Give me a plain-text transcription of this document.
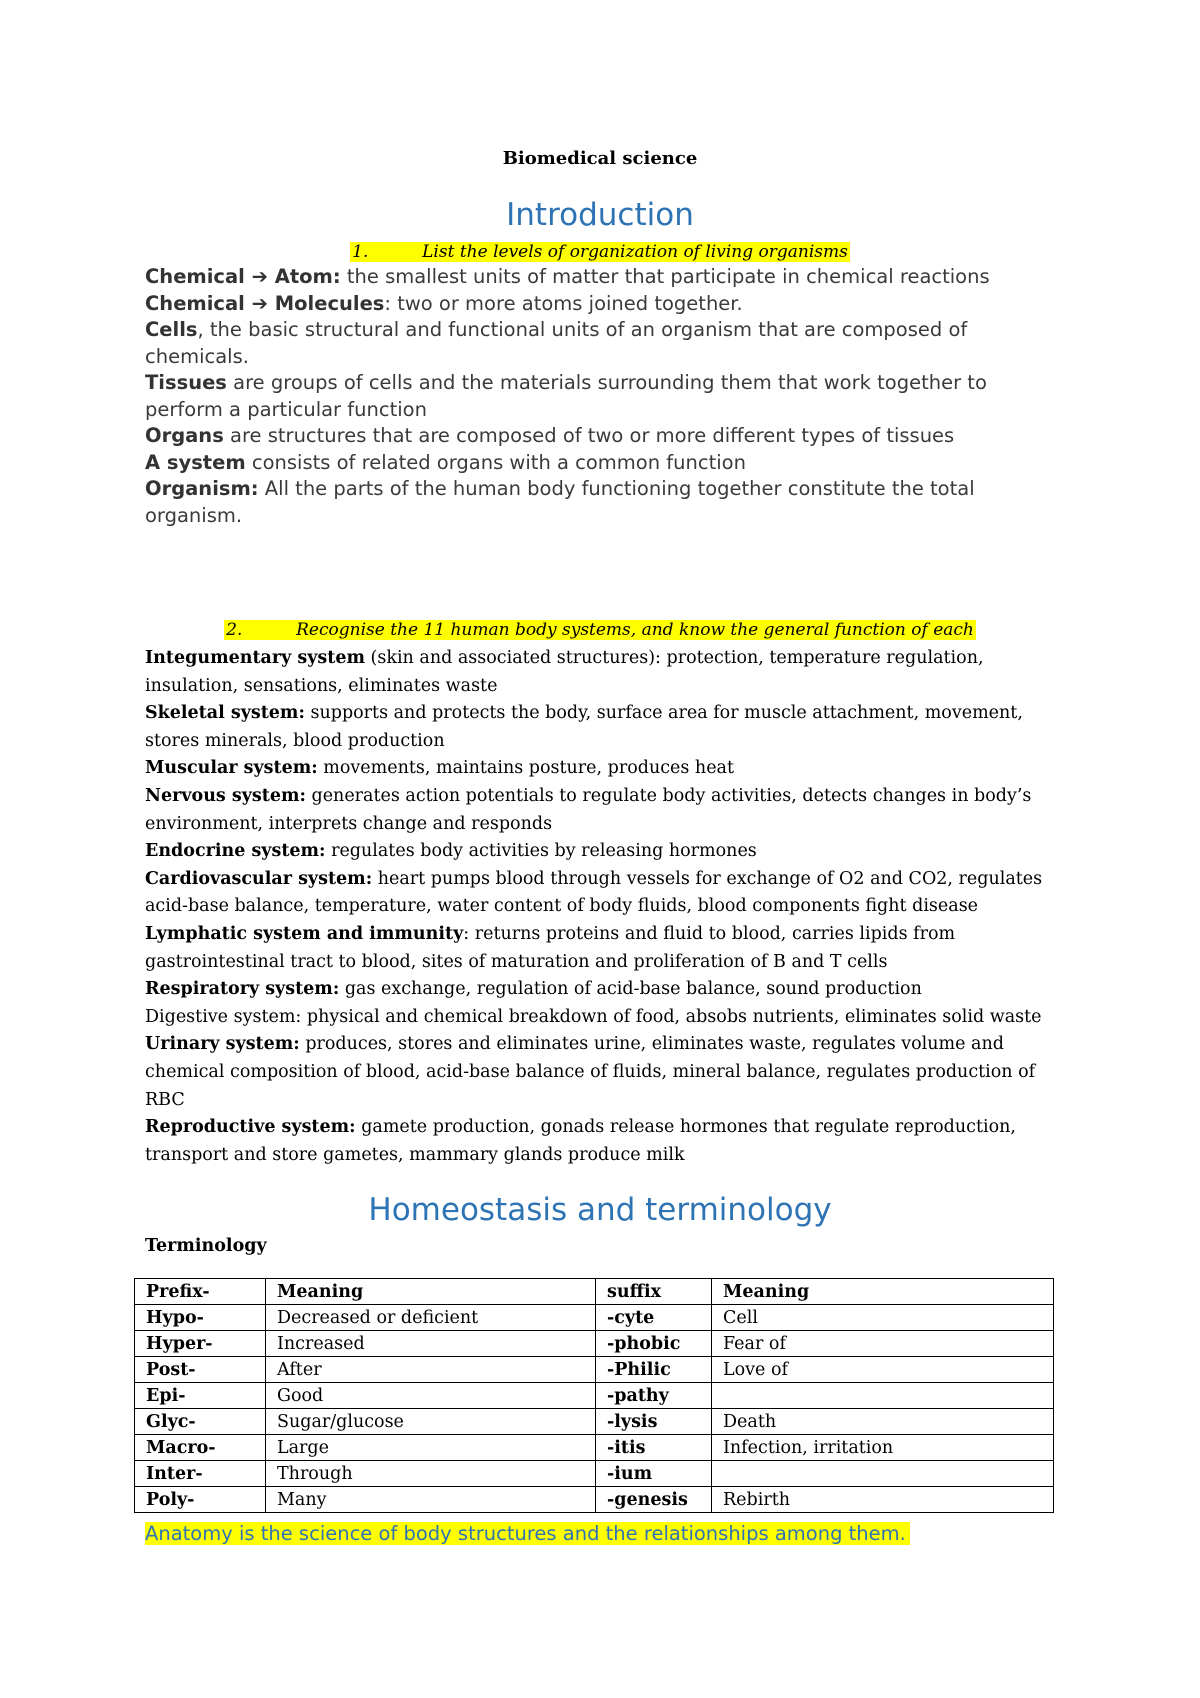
Biomedical science
Introduction
1.	List the levels of organization of living organisms

Chemical ➔ Atom: the smallest units of matter that participate in chemical reactions

Chemical ➔ Molecules: two or more atoms joined together.

Cells, the basic structural and functional units of an organism that are composed of chemicals.

Tissues are groups of cells and the materials surrounding them that work together to perform a particular function

Organs are structures that are composed of two or more different types of tissues

A system consists of related organs with a common function

Organism: All the parts of the human body functioning together constitute the total organism.

2.	Recognise the 11 human body systems, and know the general function of each

Integumentary system (skin and associated structures): protection, temperature regulation, insulation, sensations, eliminates waste

Skeletal system: supports and protects the body, surface area for muscle attachment, movement, stores minerals, blood production

Muscular system: movements, maintains posture, produces heat

Nervous system: generates action potentials to regulate body activities, detects changes in body’s environment, interprets change and responds

Endocrine system: regulates body activities by releasing hormones

Cardiovascular system: heart pumps blood through vessels for exchange of O2 and CO2, regulates acid-base balance, temperature, water content of body fluids, blood components fight disease

Lymphatic system and immunity: returns proteins and fluid to blood, carries lipids from gastrointestinal tract to blood, sites of maturation and proliferation of B and T cells

Respiratory system: gas exchange, regulation of acid-base balance, sound production

Digestive system: physical and chemical breakdown of food, absobs nutrients, eliminates solid waste

Urinary system: produces, stores and eliminates urine, eliminates waste, regulates volume and chemical composition of blood, acid-base balance of fluids, mineral balance, regulates production of RBC

Reproductive system: gamete production, gonads release hormones that regulate reproduction, transport and store gametes, mammary glands produce milk

Homeostasis and terminology
Terminology
Prefix-	Meaning	suffix	Meaning
Hypo-	Decreased or deficient	-cyte	Cell
Hyper-	Increased	-phobic	Fear of
Post-	After	-Philic	Love of
Epi-	Good	-pathy	
Glyc-	Sugar/glucose	-lysis	Death
Macro-	Large	-itis	Infection, irritation
Inter-	Through	-ium	
Poly-	Many	-genesis	Rebirth
Anatomy is the science of body structures and the relationships among them.
